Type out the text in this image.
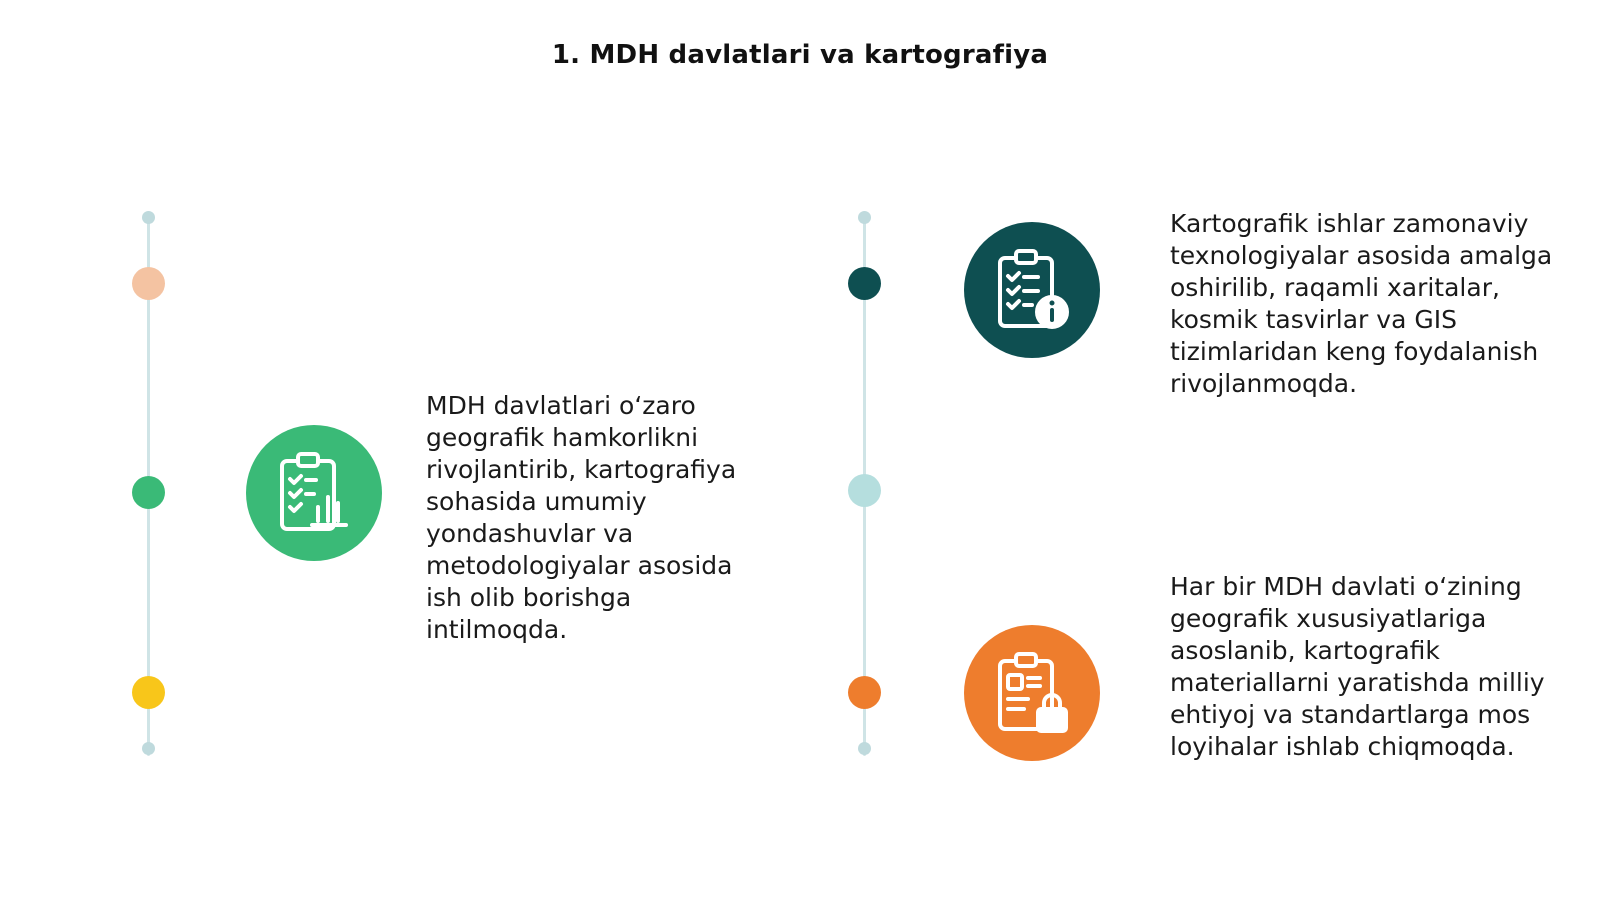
1. MDH davlatlari va kartografiya
MDH davlatlari oʻzaro geografik hamkorlikni rivojlantirib, kartografiya sohasida umumiy yondashuvlar va metodologiyalar asosida ish olib borishga intilmoqda.
Kartografik ishlar zamonaviy texnologiyalar asosida amalga oshirilib, raqamli xaritalar, kosmik tasvirlar va GIS tizimlaridan keng foydalanish rivojlanmoqda.
Har bir MDH davlati oʻzining geografik xususiyatlariga asoslanib, kartografik materiallarni yaratishda milliy ehtiyoj va standartlarga mos loyihalar ishlab chiqmoqda.
